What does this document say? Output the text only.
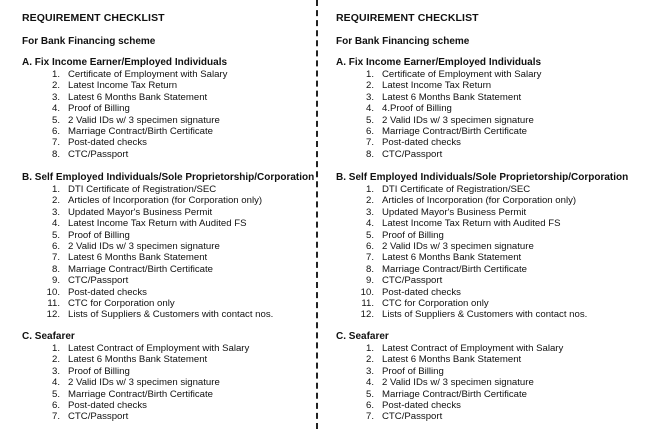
REQUIREMENT CHECKLIST
For Bank Financing scheme
A. Fix Income Earner/Employed Individuals
1. Certificate of Employment with Salary
2. Latest Income Tax Return
3. Latest 6 Months Bank Statement
4. Proof of Billing
5. 2 Valid IDs w/ 3 specimen signature
6. Marriage Contract/Birth Certificate
7. Post-dated checks
8. CTC/Passport
B. Self Employed Individuals/Sole Proprietorship/Corporation
1. DTI Certificate of Registration/SEC
2. Articles of Incorporation (for Corporation only)
3. Updated Mayor's Business Permit
4. Latest Income Tax Return with Audited FS
5. Proof of Billing
6. 2 Valid IDs w/ 3 specimen signature
7. Latest 6 Months Bank Statement
8. Marriage Contract/Birth Certificate
9. CTC/Passport
10. Post-dated checks
11. CTC for Corporation only
12. Lists of Suppliers & Customers with contact nos.
C. Seafarer
1. Latest Contract of Employment with Salary
2. Latest 6 Months Bank Statement
3. Proof of Billing
4. 2 Valid IDs w/ 3 specimen signature
5. Marriage Contract/Birth Certificate
6. Post-dated checks
7. CTC/Passport
REQUIREMENT CHECKLIST
For Bank Financing scheme
A. Fix Income Earner/Employed Individuals
1. Certificate of Employment with Salary
2. Latest Income Tax Return
3. Latest 6 Months Bank Statement
4. 4.Proof of Billing
5. 2 Valid IDs w/ 3 specimen signature
6. Marriage Contract/Birth Certificate
7. Post-dated checks
8. CTC/Passport
B. Self Employed Individuals/Sole Proprietorship/Corporation
1. DTI Certificate of Registration/SEC
2. Articles of Incorporation (for Corporation only)
3. Updated Mayor's Business Permit
4. Latest Income Tax Return with Audited FS
5. Proof of Billing
6. 2 Valid IDs w/ 3 specimen signature
7. Latest 6 Months Bank Statement
8. Marriage Contract/Birth Certificate
9. CTC/Passport
10. Post-dated checks
11. CTC for Corporation only
12. Lists of Suppliers & Customers with contact nos.
C. Seafarer
1. Latest Contract of Employment with Salary
2. Latest 6 Months Bank Statement
3. Proof of Billing
4. 2 Valid IDs w/ 3 specimen signature
5. Marriage Contract/Birth Certificate
6. Post-dated checks
7. CTC/Passport
